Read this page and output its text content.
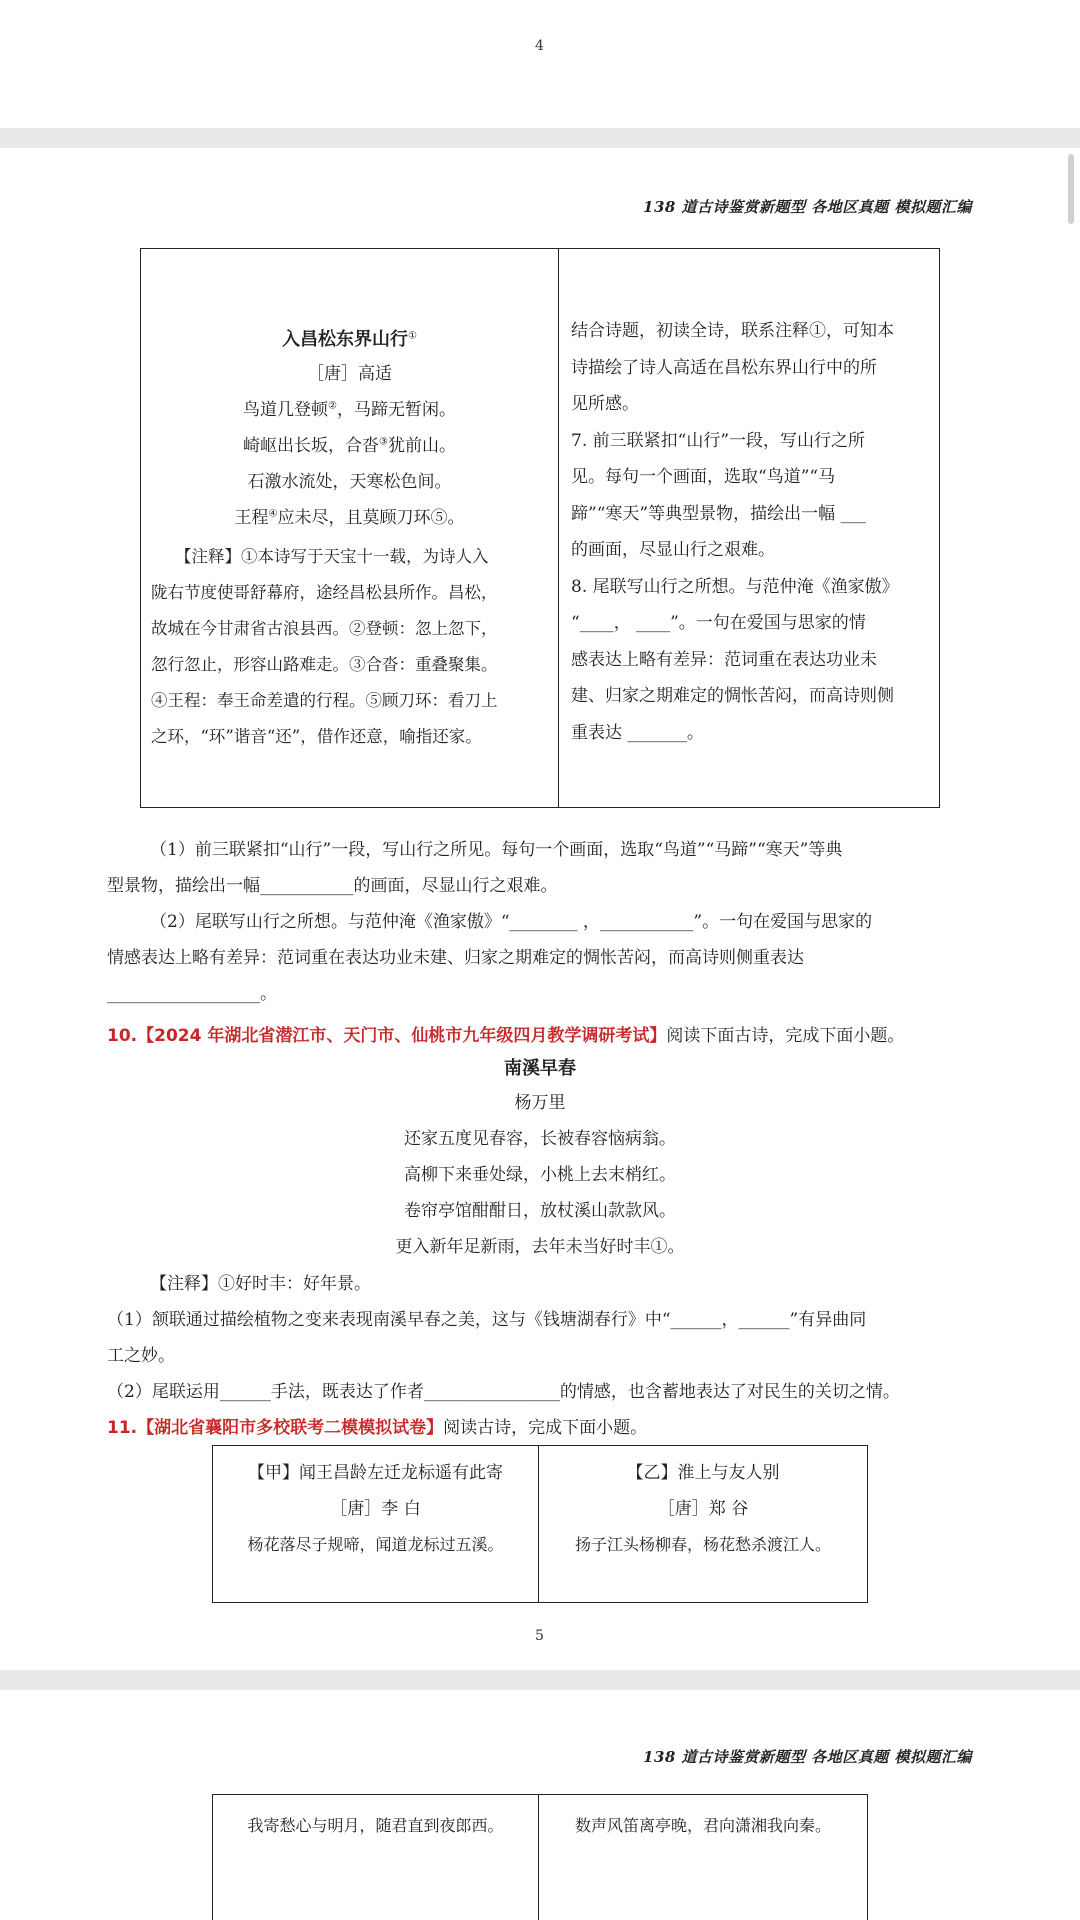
4
138 道古诗鉴赏新题型 各地区真题 模拟题汇编
入昌松东界山行①
［唐］高适
鸟道几登顿②，马蹄无暂闲。
崎岖出长坂，合沓③犹前山。
石激水流处，天寒松色间。
王程④应未尽，且莫顾刀环⑤。

【注释】①本诗写于天宝十一载，为诗人入

陇右节度使哥舒幕府，途经昌松县所作。昌松，

故城在今甘肃省古浪县西。②登顿：忽上忽下，

忽行忽止，形容山路难走。③合沓：重叠聚集。

④王程：奉王命差遣的行程。⑤顾刀环：看刀上

之环，“环”谐音“还”，借作还意，喻指还家。

结合诗题，初读全诗，联系注释①，可知本

诗描绘了诗人高适在昌松东界山行中的所

见所感。

7. 前三联紧扣“山行”一段，写山行之所

见。每句一个画面，选取“鸟道”“马

蹄”“寒天”等典型景物，描绘出一幅 ___

的画面，尽显山行之艰难。

8. 尾联写山行之所想。与范仲淹《渔家傲》

“____， ____”。一句在爱国与思家的情

感表达上略有差异：范词重在表达功业未

建、归家之期难定的惆怅苦闷，而高诗则侧

重表达 _______。

（1）前三联紧扣“山行”一段，写山行之所见。每句一个画面，选取“鸟道”“马蹄”“寒天”等典
型景物，描绘出一幅___________的画面，尽显山行之艰难。
（2）尾联写山行之所想。与范仲淹《渔家傲》“________ ，___________”。一句在爱国与思家的
情感表达上略有差异：范词重在表达功业未建、归家之期难定的惆怅苦闷，而高诗则侧重表达
__________________。
10.【2024 年湖北省潜江市、天门市、仙桃市九年级四月教学调研考试】阅读下面古诗，完成下面小题。
南溪早春
杨万里
还家五度见春容，长被春容恼病翁。
高柳下来垂处绿，小桃上去末梢红。
卷帘亭馆酣酣日，放杖溪山款款风。
更入新年足新雨，去年未当好时丰①。
【注释】①好时丰：好年景。
（1）颔联通过描绘植物之变来表现南溪早春之美，这与《钱塘湖春行》中“______，______”有异曲同
工之妙。
（2）尾联运用______手法，既表达了作者________________的情感，也含蓄地表达了对民生的关切之情。
11.【湖北省襄阳市多校联考二模模拟试卷】阅读古诗，完成下面小题。
【甲】闻王昌龄左迁龙标遥有此寄
［唐］李 白
杨花落尽子规啼，闻道龙标过五溪。
【乙】淮上与友人别
［唐］郑 谷
扬子江头杨柳春，杨花愁杀渡江人。
5
138 道古诗鉴赏新题型 各地区真题 模拟题汇编
我寄愁心与明月，随君直到夜郎西。	数声风笛离亭晚，君向潇湘我向秦。
